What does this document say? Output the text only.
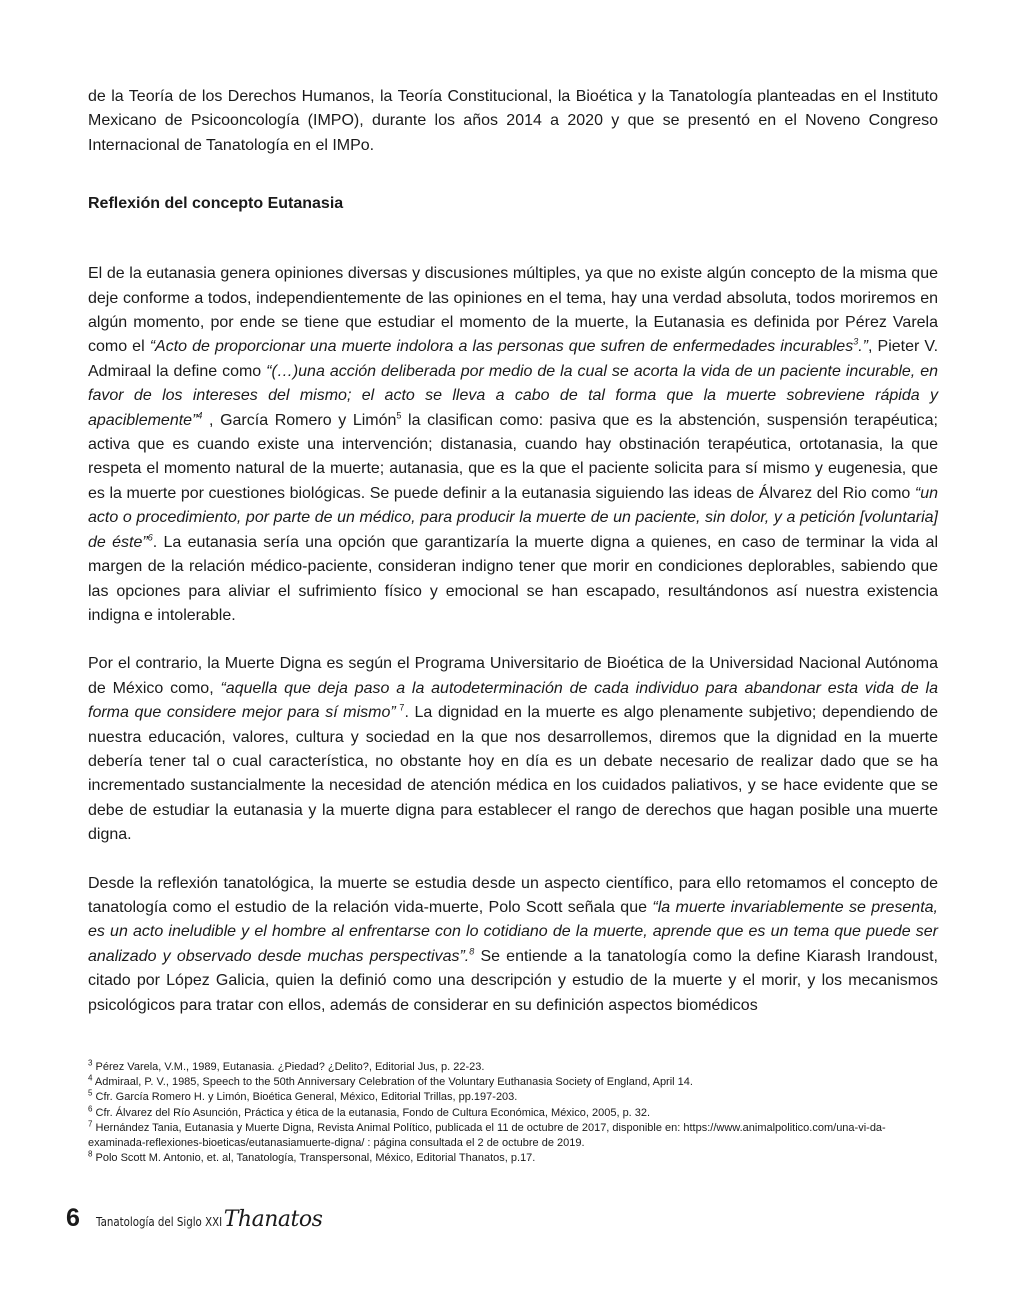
de la Teoría de los Derechos Humanos, la Teoría Constitucional, la Bioética y la Tanatología planteadas en el Instituto Mexicano de Psicooncología (IMPO), durante los años 2014 a 2020 y que se presentó en el Noveno Congreso Internacional de Tanatología en el IMPo.

Reflexión del concepto Eutanasia

El de la eutanasia genera opiniones diversas y discusiones múltiples, ya que no existe algún concepto de la misma que deje conforme a todos, independientemente de las opiniones en el tema, hay una verdad absoluta, todos moriremos en algún momento, por ende se tiene que estudiar el momento de la muerte, la Eutanasia es definida por Pérez Varela como el “Acto de proporcionar una muerte indolora a las personas que sufren de enfermedades incurables$^3$.”, Pieter V. Admiraal la define como “(…)una acción deliberada por medio de la cual se acorta la vida de un paciente incurable, en favor de los intereses del mismo; el acto se lleva a cabo de tal forma que la muerte sobreviene rápida y apaciblemente”$^4$ , García Romero y Limón$^5$ la clasifican como: pasiva que es la abstención, suspensión terapéutica; activa que es cuando existe una intervención; distanasia, cuando hay obstinación terapéutica, ortotanasia, la que respeta el momento natural de la muerte; autanasia, que es la que el paciente solicita para sí mismo y eugenesia, que es la muerte por cuestiones biológicas. Se puede definir a la eutanasia siguiendo las ideas de Álvarez del Rio como “un acto o procedimiento, por parte de un médico, para producir la muerte de un paciente, sin dolor, y a petición [voluntaria] de éste”$^6$. La eutanasia sería una opción que garantizaría la muerte digna a quienes, en caso de terminar la vida al margen de la relación médico-paciente, consideran indigno tener que morir en condiciones deplorables, sabiendo que las opciones para aliviar el sufrimiento físico y emocional se han escapado, resultándonos así nuestra existencia indigna e intolerable.

Por el contrario, la Muerte Digna es según el Programa Universitario de Bioética de la Universidad Nacional Autónoma de México como, “aquella que deja paso a la autodeterminación de cada individuo para abandonar esta vida de la forma que considere mejor para sí mismo” $^7$. La dignidad en la muerte es algo plenamente subjetivo; dependiendo de nuestra educación, valores, cultura y sociedad en la que nos desarrollemos, diremos que la dignidad en la muerte debería tener tal o cual característica, no obstante hoy en día es un debate necesario de realizar dado que se ha incrementado sustancialmente la necesidad de atención médica en los cuidados paliativos, y se hace evidente que se debe de estudiar la eutanasia y la muerte digna para establecer el rango de derechos que hagan posible una muerte digna.

Desde la reflexión tanatológica, la muerte se estudia desde un aspecto científico, para ello retomamos el concepto de tanatología como el estudio de la relación vida-muerte, Polo Scott señala que “la muerte invariablemente se presenta, es un acto ineludible y el hombre al enfrentarse con lo cotidiano de la muerte, aprende que es un tema que puede ser analizado y observado desde muchas perspectivas”.$^8$ Se entiende a la tanatología como la define Kiarash Irandoust, citado por López Galicia, quien la definió como una descripción y estudio de la muerte y el morir, y los mecanismos psicológicos para tratar con ellos, además de considerar en su definición aspectos biomédicos

$^3$ Pérez Varela, V.M., 1989, Eutanasia. ¿Piedad? ¿Delito?, Editorial Jus, p. 22-23.
$^4$ Admiraal, P. V., 1985, Speech to the 50th Anniversary Celebration of the Voluntary Euthanasia Society of England, April 14.
$^5$ Cfr. García Romero H. y Limón, Bioética General, México, Editorial Trillas, pp.197-203.
$^6$ Cfr. Álvarez del Río Asunción, Práctica y ética de la eutanasia, Fondo de Cultura Económica, México, 2005, p. 32.
$^7$ Hernández Tania, Eutanasia y Muerte Digna, Revista Animal Político, publicada el 11 de octubre de 2017, disponible en: https://www.animalpolitico.com/una-vi-da-examinada-reflexiones-bioeticas/eutanasiamuerte-digna/ : página consultada el 2 de octubre de 2019.
$^8$ Polo Scott M. Antonio, et. al, Tanatología, Transpersonal, México, Editorial Thanatos, p.17.
6 Tanatología del Siglo XXI Thanatos
